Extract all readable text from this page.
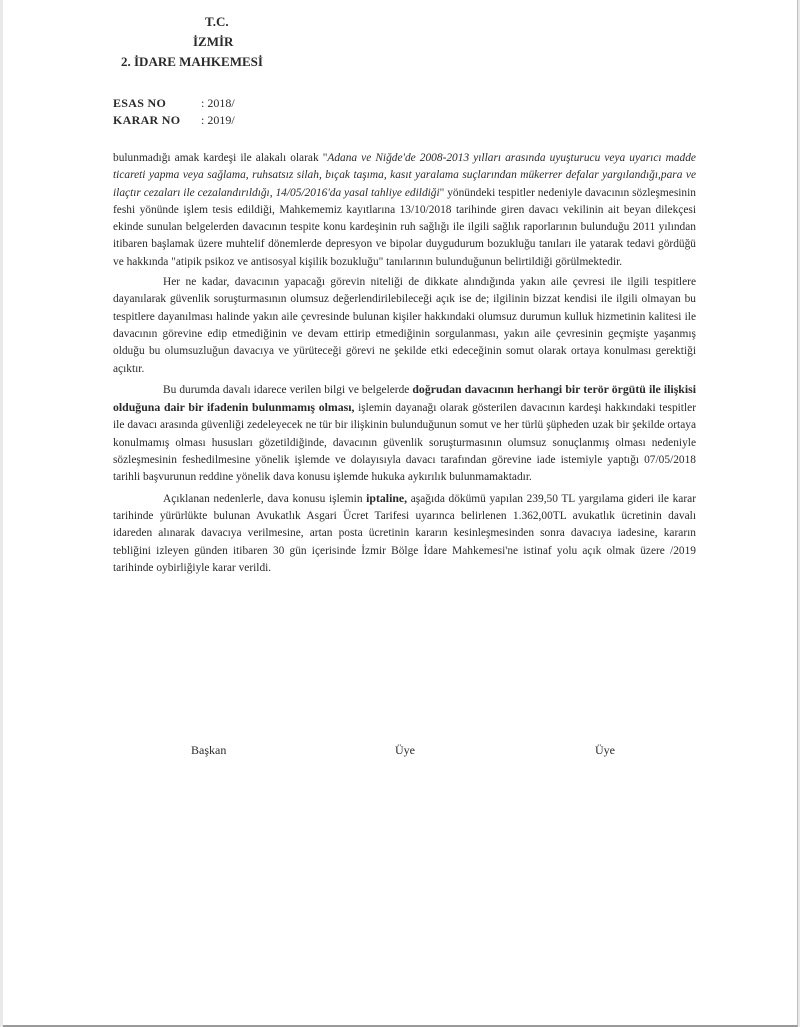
T.C.
İZMİR
2. İDARE MAHKEMESİ
ESAS NO	: 2018/
KARAR NO : 2019/

bulunmadığı amak kardeşi ile alakalı olarak "Adana ve Niğde'de 2008-2013 yılları arasında uyuşturucu veya uyarıcı madde ticareti yapma veya sağlama, ruhsatsız silah, bıçak taşıma, kasıt yaralama suçlarından mükerrer defalar yargılandığı,para ve ilaçtır cezaları ile cezalandırıldığı, 14/05/2016'da yasal tahliye edildiği" yönündeki tespitler nedeniyle davacının sözleşmesinin feshi yönünde işlem tesis edildiği, Mahkememiz kayıtlarına 13/10/2018 tarihinde giren davacı vekilinin ait beyan dilekçesi ekinde sunulan belgelerden davacının tespite konu kardeşinin ruh sağlığı ile ilgili sağlık raporlarının bulunduğu 2011 yılından itibaren başlamak üzere muhtelif dönemlerde depresyon ve bipolar duygudurum bozukluğu tanıları ile yatarak tedavi gördüğü ve hakkında "atipik psikoz ve antisosyal kişilik bozukluğu" tanılarının bulunduğunun belirtildiği görülmektedir.

Her ne kadar, davacının yapacağı görevin niteliği de dikkate alındığında yakın aile çevresi ile ilgili tespitlere dayanılarak güvenlik soruşturmasının olumsuz değerlendirilebileceği açık ise de; ilgilinin bizzat kendisi ile ilgili olmayan bu tespitlere dayanılması halinde yakın aile çevresinde bulunan kişiler hakkındaki olumsuz durumun kulluk hizmetinin kalitesi ile davacının görevine edip etmediğinin ve devam ettirip etmediğinin sorgulanması, yakın aile çevresinin geçmişte yaşanmış olduğu bu olumsuzluğun davacıya ve yürüteceği görevi ne şekilde etki edeceğinin somut olarak ortaya konulması gerektiği açıktır.

Bu durumda davalı idarece verilen bilgi ve belgelerde doğrudan davacının herhangi bir terör örgütü ile ilişkisi olduğuna dair bir ifadenin bulunmamış olması, işlemin dayanağı olarak gösterilen davacının kardeşi hakkındaki tespitler ile davacı arasında güvenliği zedeleyecek ne tür bir ilişkinin bulunduğunun somut ve her türlü şüpheden uzak bir şekilde ortaya konulmamış olması hususları gözetildiğinde, davacının güvenlik soruşturmasının olumsuz sonuçlanmış olması nedeniyle sözleşmesinin feshedilmesine yönelik işlemde ve dolayısıyla davacı tarafından görevine iade istemiyle yaptığı 07/05/2018 tarihli başvurunun reddine yönelik dava konusu işlemde hukuka aykırılık bulunmamaktadır.

Açıklanan nedenlerle, dava konusu işlemin iptaline, aşağıda dökümü yapılan 239,50 TL yargılama gideri ile karar tarihinde yürürlükte bulunan Avukatlık Asgari Ücret Tarifesi uyarınca belirlenen 1.362,00TL avukatlık ücretinin davalı idareden alınarak davacıya verilmesine, artan posta ücretinin kararın kesinleşmesinden sonra davacıya iadesine, kararın tebliğini izleyen günden itibaren 30 gün içerisinde İzmir Bölge İdare Mahkemesi'ne istinaf yolu açık olmak üzere /2019 tarihinde oybirliğiyle karar verildi.

Başkan	Üye	Üye
